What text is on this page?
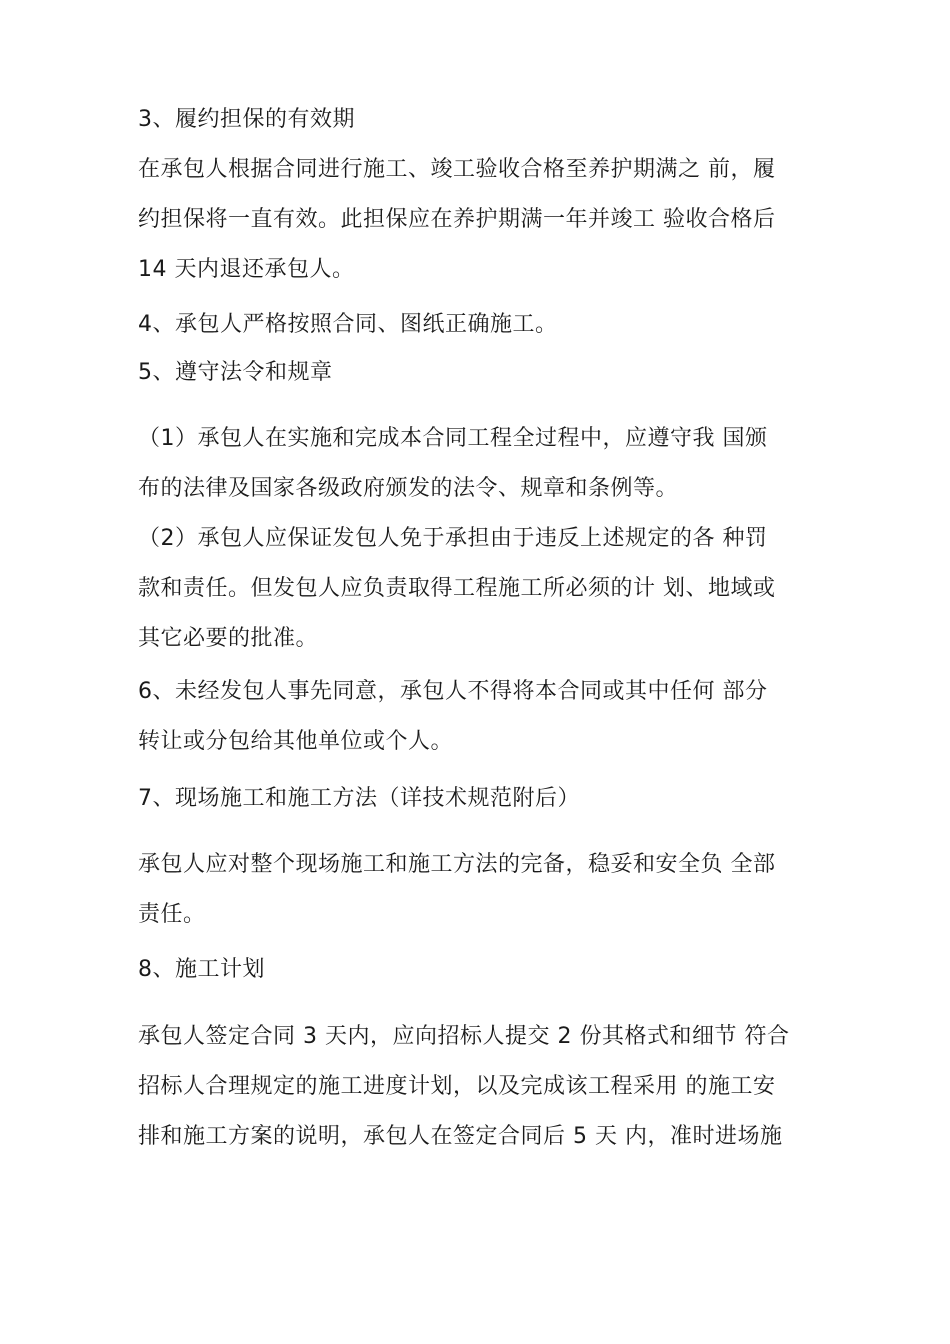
3、履约担保的有效期
在承包人根据合同进行施工、竣工验收合格至养护期满之 前，履
约担保将一直有效。此担保应在养护期满一年并竣工 验收合格后
14 天内退还承包人。
4、承包人严格按照合同、图纸正确施工。
5、遵守法令和规章
（1）承包人在实施和完成本合同工程全过程中，应遵守我 国颁
布的法律及国家各级政府颁发的法令、规章和条例等。
（2）承包人应保证发包人免于承担由于违反上述规定的各 种罚
款和责任。但发包人应负责取得工程施工所必须的计 划、地域或
其它必要的批准。
6、未经发包人事先同意，承包人不得将本合同或其中任何 部分
转让或分包给其他单位或个人。
7、现场施工和施工方法（详技术规范附后）
承包人应对整个现场施工和施工方法的完备，稳妥和安全负 全部
责任。
8、施工计划
承包人签定合同 3 天内，应向招标人提交 2 份其格式和细节 符合
招标人合理规定的施工进度计划，以及完成该工程采用 的施工安
排和施工方案的说明，承包人在签定合同后 5 天 内，准时进场施
